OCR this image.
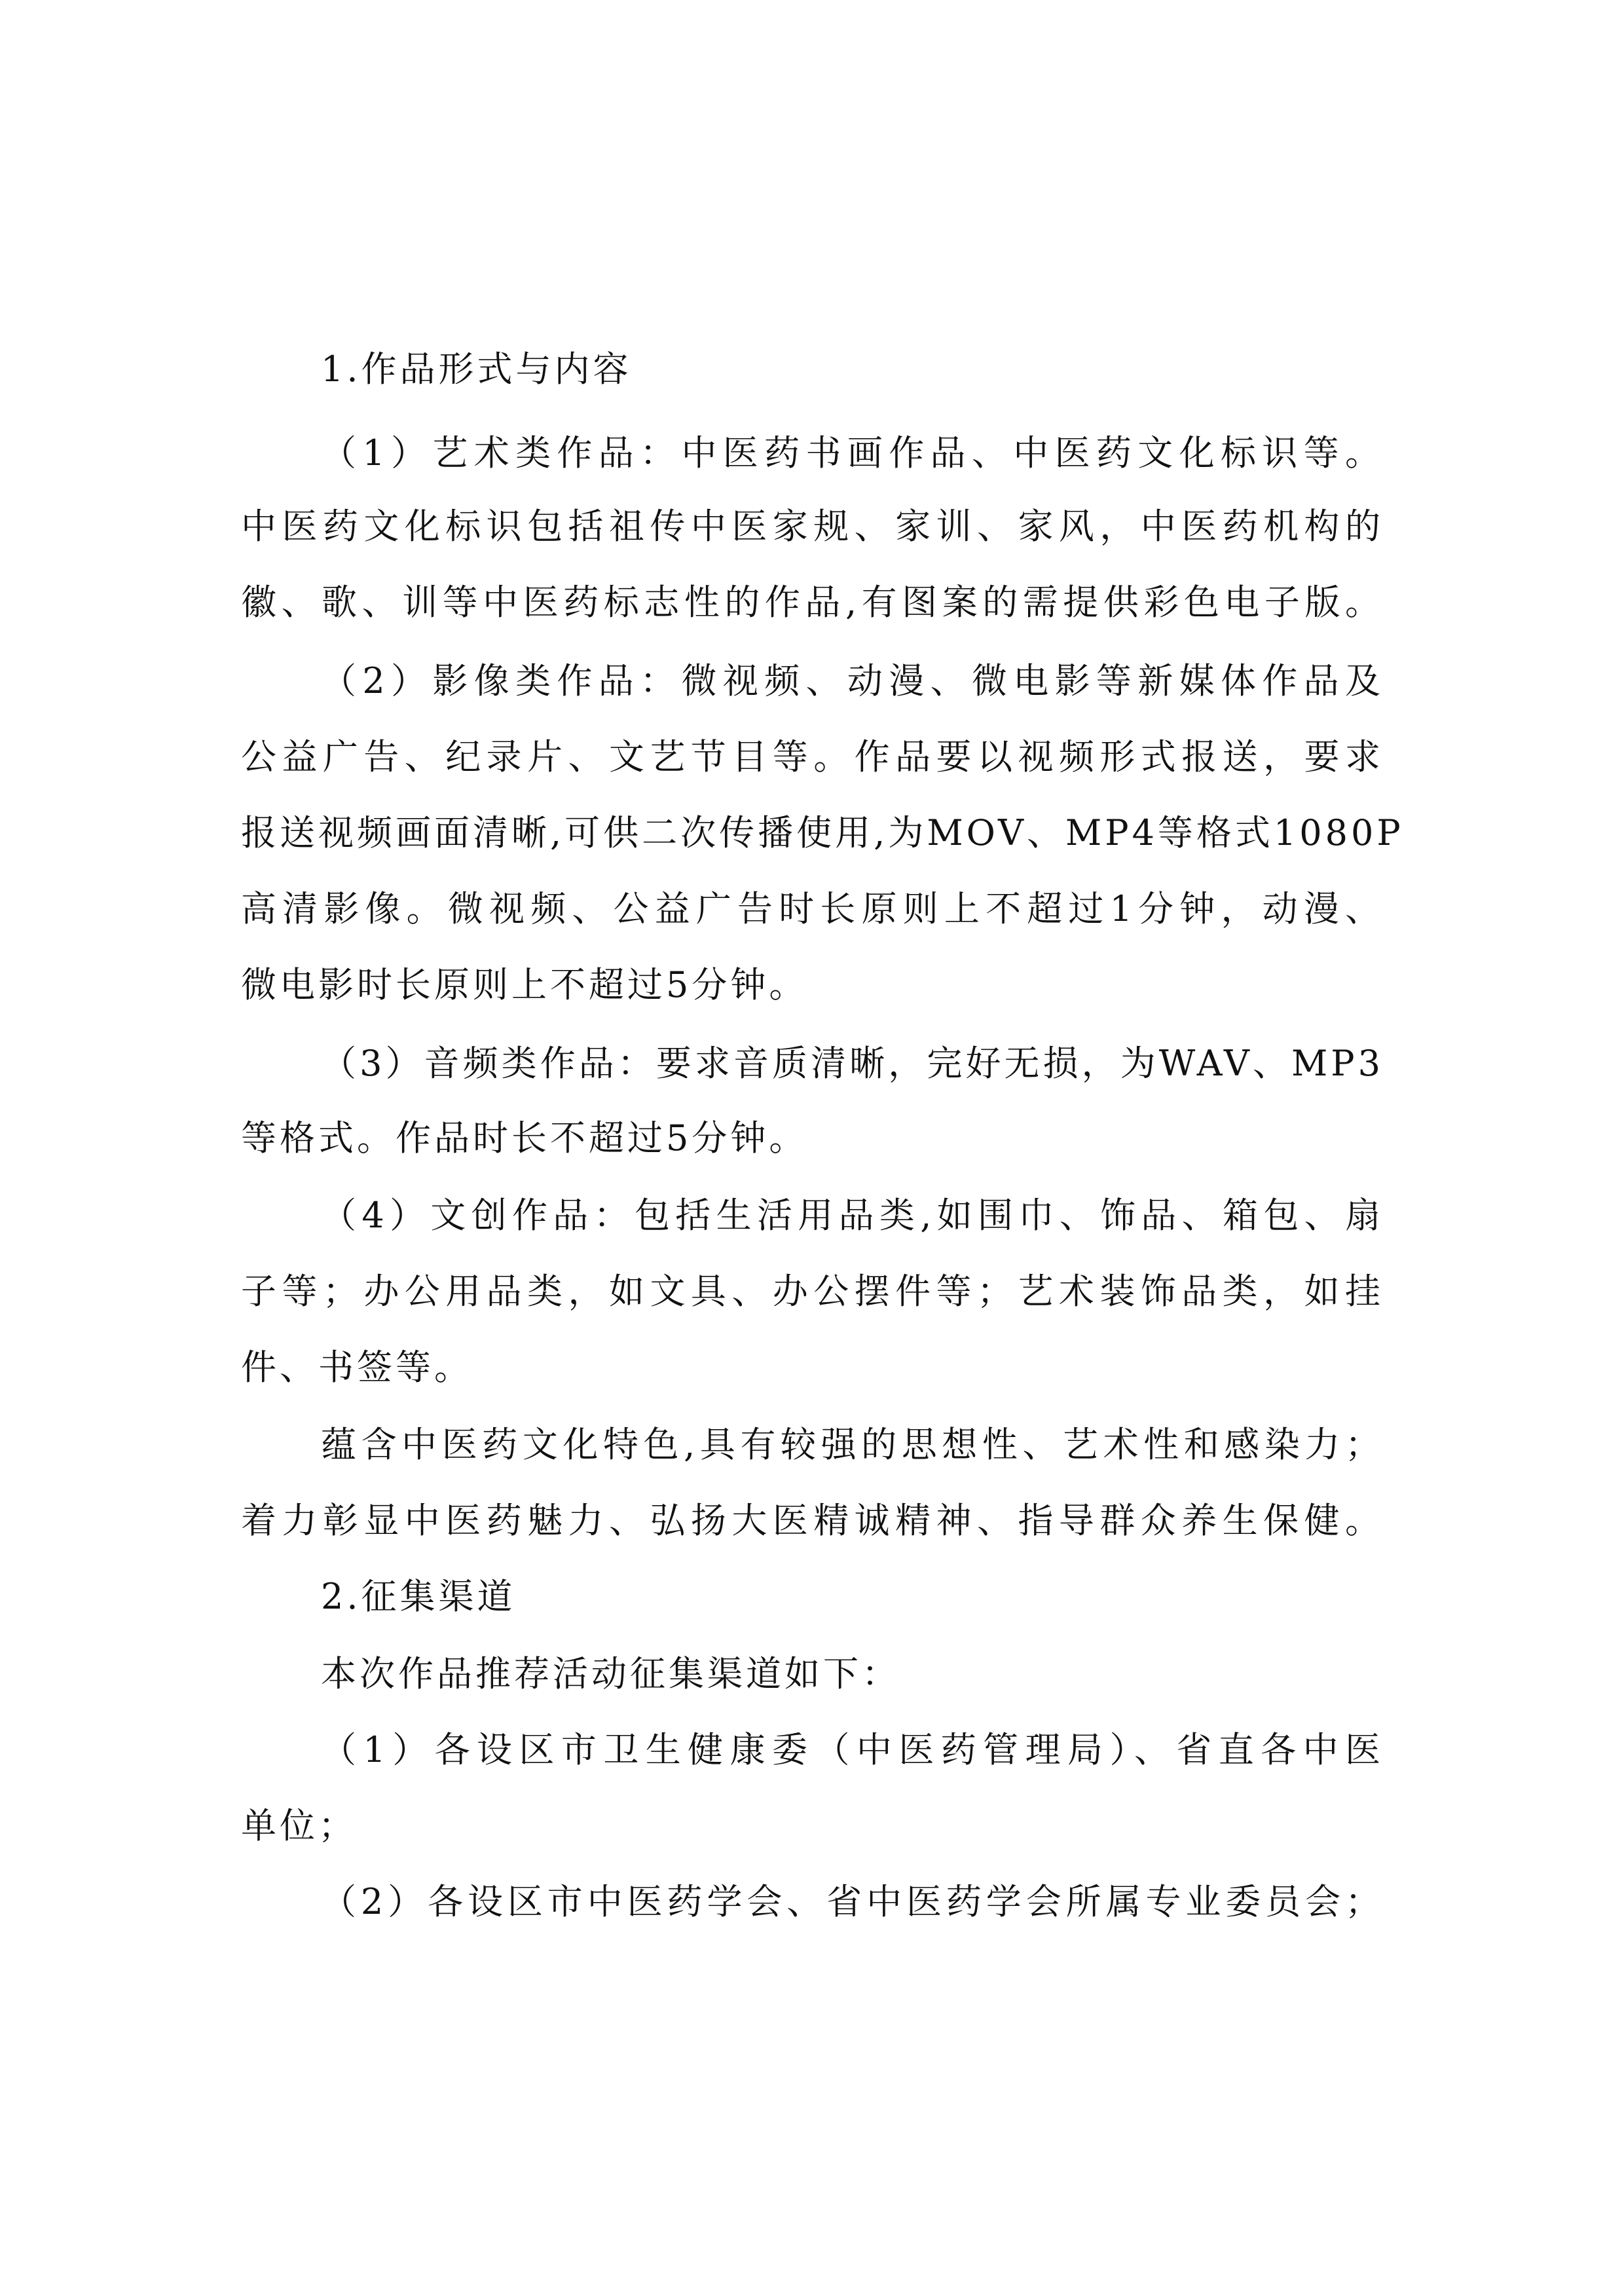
1.作品形式与内容
（1）艺术类作品：中医药书画作品、中医药文化标识等。
中医药文化标识包括祖传中医家规、家训、家风，中医药机构的
徽、歌、训等中医药标志性的作品,有图案的需提供彩色电子版。
（2）影像类作品：微视频、动漫、微电影等新媒体作品及
公益广告、纪录片、文艺节目等。作品要以视频形式报送，要求
报送视频画面清晰,可供二次传播使用,为MOV、MP4等格式1080P
高清影像。微视频、公益广告时长原则上不超过1分钟，动漫、
微电影时长原则上不超过5分钟。
（3）音频类作品：要求音质清晰，完好无损，为WAV、MP3
等格式。作品时长不超过5分钟。
（4）文创作品：包括生活用品类,如围巾、饰品、箱包、扇
子等；办公用品类，如文具、办公摆件等；艺术装饰品类，如挂
件、书签等。
蕴含中医药文化特色,具有较强的思想性、艺术性和感染力；
着力彰显中医药魅力、弘扬大医精诚精神、指导群众养生保健。
2.征集渠道
本次作品推荐活动征集渠道如下：
（1）各设区市卫生健康委（中医药管理局）、省直各中医
单位；
（2）各设区市中医药学会、省中医药学会所属专业委员会；
